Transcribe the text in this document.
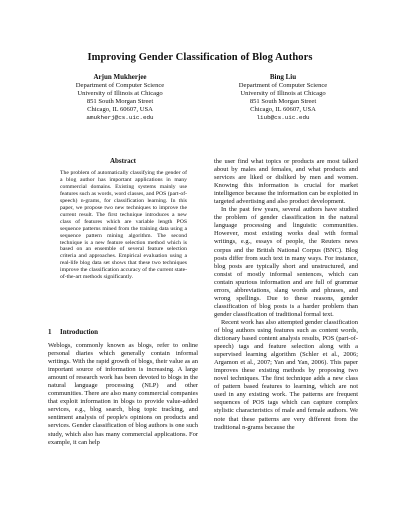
Improving Gender Classification of Blog Authors
Arjun Mukherjee
Department of Computer Science
University of Illinois at Chicago
851 South Morgan Street
Chicago, IL 60607, USA
amukherj@cs.uic.edu
Bing Liu
Department of Computer Science
University of Illinois at Chicago
851 South Morgan Street
Chicago, IL 60607, USA
liub@cs.uic.edu
Abstract
The problem of automatically classifying the gender of a blog author has important applications in many commercial domains. Existing systems mainly use features such as words, word classes, and POS (part-of-speech) n-grams, for classification learning. In this paper, we propose two new techniques to improve the current result. The first technique introduces a new class of features which are variable length POS sequence patterns mined from the training data using a sequence pattern mining algorithm. The second technique is a new feature selection method which is based on an ensemble of several feature selection criteria and approaches. Empirical evaluation using a real-life blog data set shows that these two techniques improve the classification accuracy of the current state-of-the-art methods significantly.
1 Introduction

Weblogs, commonly known as blogs, refer to online personal diaries which generally contain informal writings. With the rapid growth of blogs, their value as an important source of information is increasing. A large amount of research work has been devoted to blogs in the natural language processing (NLP) and other communities. There are also many commercial companies that exploit information in blogs to provide value-added services, e.g., blog search, blog topic tracking, and sentiment analysis of people's opinions on products and services. Gender classification of blog authors is one such study, which also has many commercial applications. For example, it can help

the user find what topics or products are most talked about by males and females, and what products and services are liked or disliked by men and women. Knowing this information is crucial for market intelligence because the information can be exploited in targeted advertising and also product development.

In the past few years, several authors have studied the problem of gender classification in the natural language processing and linguistic communities. However, most existing works deal with formal writings, e.g., essays of people, the Reuters news corpus and the British National Corpus (BNC). Blog posts differ from such text in many ways. For instance, blog posts are typically short and unstructured, and consist of mostly informal sentences, which can contain spurious information and are full of grammar errors, abbreviations, slang words and phrases, and wrong spellings. Due to these reasons, gender classification of blog posts is a harder problem than gender classification of traditional formal text.

Recent work has also attempted gender classification of blog authors using features such as content words, dictionary based content analysis results, POS (part-of-speech) tags and feature selection along with a supervised learning algorithm (Schler et al., 2006; Argamon et al., 2007; Yan and Yan, 2006). This paper improves these existing methods by proposing two novel techniques. The first technique adds a new class of pattern based features to learning, which are not used in any existing work. The patterns are frequent sequences of POS tags which can capture complex stylistic characteristics of male and female authors. We note that these patterns are very different from the traditional n-grams because the
